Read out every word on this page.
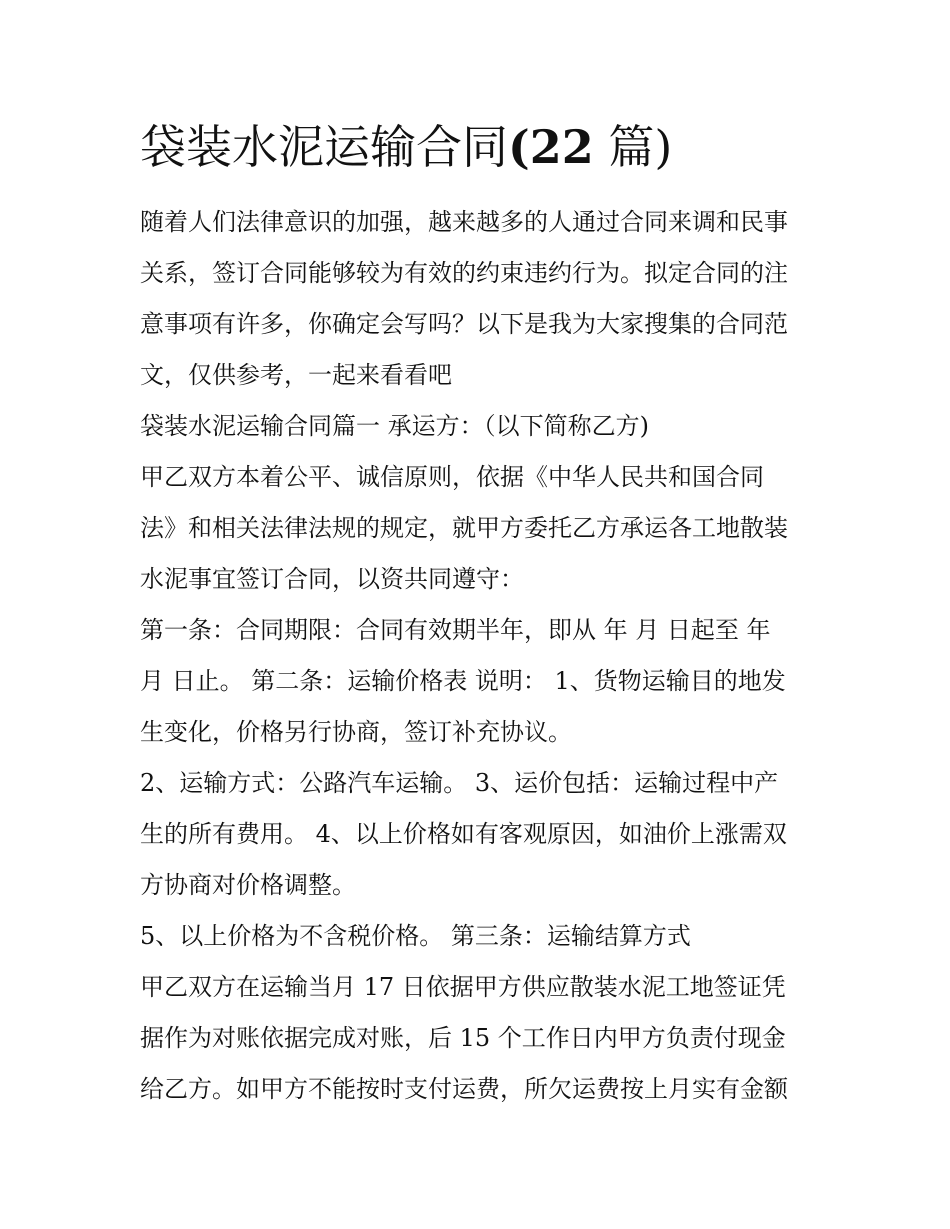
袋装水泥运输合同(22 篇)
随着人们法律意识的加强，越来越多的人通过合同来调和民事
关系，签订合同能够较为有效的约束违约行为。拟定合同的注
意事项有许多，你确定会写吗？以下是我为大家搜集的合同范
文，仅供参考，一起来看看吧
袋装水泥运输合同篇一 承运方：（以下简称乙方)
甲乙双方本着公平、诚信原则，依据《中华人民共和国合同
法》和相关法律法规的规定，就甲方委托乙方承运各工地散装
水泥事宜签订合同，以资共同遵守：
第一条：合同期限：合同有效期半年，即从 年 月 日起至 年
月 日止。 第二条：运输价格表 说明： 1、货物运输目的地发
生变化，价格另行协商，签订补充协议。
2、运输方式：公路汽车运输。 3、运价包括：运输过程中产
生的所有费用。 4、以上价格如有客观原因，如油价上涨需双
方协商对价格调整。
5、以上价格为不含税价格。 第三条：运输结算方式
甲乙双方在运输当月 17 日依据甲方供应散装水泥工地签证凭
据作为对账依据完成对账，后 15 个工作日内甲方负责付现金
给乙方。如甲方不能按时支付运费，所欠运费按上月实有金额
